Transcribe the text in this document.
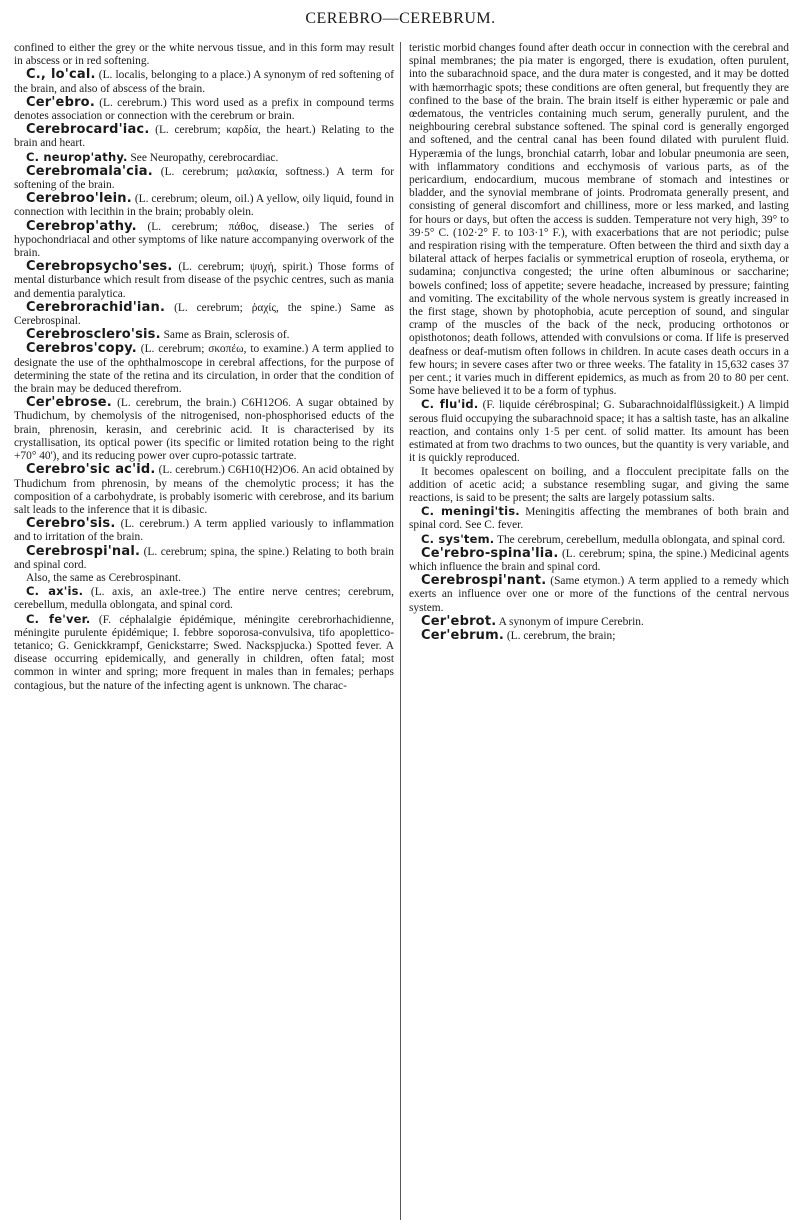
CEREBRO—CEREBRUM.

confined to either the grey or the white nervous tissue, and in this form may result in abscess or in red softening.

C., lo'cal. (L. localis, belonging to a place.) A synonym of red softening of the brain, and also of abscess of the brain.

Cer'ebro. (L. cerebrum.) This word used as a prefix in compound terms denotes association or connection with the cerebrum or brain.

Cerebrocard'iac. (L. cerebrum; καρδία, the heart.) Relating to the brain and heart.

C. neurop'athy. See Neuropathy, cerebrocardiac.

Cerebromala'cia. (L. cerebrum; μαλακία, softness.) A term for softening of the brain.

Cerebroo'lein. (L. cerebrum; oleum, oil.) A yellow, oily liquid, found in connection with lecithin in the brain; probably olein.

Cerebrop'athy. (L. cerebrum; πάθος, disease.) The series of hypochondriacal and other symptoms of like nature accompanying overwork of the brain.

Cerebropsycho'ses. (L. cerebrum; ψυχή, spirit.) Those forms of mental disturbance which result from disease of the psychic centres, such as mania and dementia paralytica.

Cerebrorachid'ian. (L. cerebrum; ῥαχίς, the spine.) Same as Cerebrospinal.

Cerebrosclero'sis. Same as Brain, sclerosis of.

Cerebros'copy. (L. cerebrum; σκοπέω, to examine.) A term applied to designate the use of the ophthalmoscope in cerebral affections, for the purpose of determining the state of the retina and its circulation, in order that the condition of the brain may be deduced therefrom.

Cer'ebrose. (L. cerebrum, the brain.) C6H12O6. A sugar obtained by Thudichum, by chemolysis of the nitrogenised, non-phosphorised educts of the brain, phrenosin, kerasin, and cerebrinic acid. It is characterised by its crystallisation, its optical power (its specific or limited rotation being to the right +70° 40'), and its reducing power over cupro-potassic tartrate.

Cerebro'sic ac'id. (L. cerebrum.) C6H10(H2)O6. An acid obtained by Thudichum from phrenosin, by means of the chemolytic process; it has the composition of a carbohydrate, is probably isomeric with cerebrose, and its barium salt leads to the inference that it is dibasic.

Cerebro'sis. (L. cerebrum.) A term applied variously to inflammation and to irritation of the brain.

Cerebrospi'nal. (L. cerebrum; spina, the spine.) Relating to both brain and spinal cord.

Also, the same as Cerebrospinant.

C. ax'is. (L. axis, an axle-tree.) The entire nerve centres; cerebrum, cerebellum, medulla oblongata, and spinal cord.

C. fe'ver. (F. céphalalgie épidémique, méningite cerebrorhachidienne, méningite purulente épidémique; I. febbre soporosa-convulsiva, tifo apoplettico-tetanico; G. Genickkrampf, Genickstarre; Swed. Nackspjucka.) Spotted fever. A disease occurring epidemically, and generally in children, often fatal; most common in winter and spring; more frequent in males than in females; perhaps contagious, but the nature of the infecting agent is unknown. The charac-

teristic morbid changes found after death occur in connection with the cerebral and spinal membranes; the pia mater is engorged, there is exudation, often purulent, into the subarachnoid space, and the dura mater is congested, and it may be dotted with hæmorrhagic spots; these conditions are often general, but frequently they are confined to the base of the brain. The brain itself is either hyperæmic or pale and œdematous, the ventricles containing much serum, generally purulent, and the neighbouring cerebral substance softened. The spinal cord is generally engorged and softened, and the central canal has been found dilated with purulent fluid. Hyperæmia of the lungs, bronchial catarrh, lobar and lobular pneumonia are seen, with inflammatory conditions and ecchymosis of various parts, as of the pericardium, endocardium, mucous membrane of stomach and intestines or bladder, and the synovial membrane of joints. Prodromata generally present, and consisting of general discomfort and chilliness, more or less marked, and lasting for hours or days, but often the access is sudden. Temperature not very high, 39° to 39·5° C. (102·2° F. to 103·1° F.), with exacerbations that are not periodic; pulse and respiration rising with the temperature. Often between the third and sixth day a bilateral attack of herpes facialis or symmetrical eruption of roseola, erythema, or sudamina; conjunctiva congested; the urine often albuminous or saccharine; bowels confined; loss of appetite; severe headache, increased by pressure; fainting and vomiting. The excitability of the whole nervous system is greatly increased in the first stage, shown by photophobia, acute perception of sound, and singular cramp of the muscles of the back of the neck, producing orthotonos or opisthotonos; death follows, attended with convulsions or coma. If life is preserved deafness or deaf-mutism often follows in children. In acute cases death occurs in a few hours; in severe cases after two or three weeks. The fatality in 15,632 cases 37 per cent.; it varies much in different epidemics, as much as from 20 to 80 per cent. Some have believed it to be a form of typhus.

C. flu'id. (F. liquide cérébrospinal; G. Subarachnoidalflüssigkeit.) A limpid serous fluid occupying the subarachnoid space; it has a saltish taste, has an alkaline reaction, and contains only 1·5 per cent. of solid matter. Its amount has been estimated at from two drachms to two ounces, but the quantity is very variable, and it is quickly reproduced.

It becomes opalescent on boiling, and a flocculent precipitate falls on the addition of acetic acid; a substance resembling sugar, and giving the same reactions, is said to be present; the salts are largely potassium salts.

C. meningi'tis. Meningitis affecting the membranes of both brain and spinal cord. See C. fever.

C. sys'tem. The cerebrum, cerebellum, medulla oblongata, and spinal cord.

Ce'rebro-spina'lia. (L. cerebrum; spina, the spine.) Medicinal agents which influence the brain and spinal cord.

Cerebrospi'nant. (Same etymon.) A term applied to a remedy which exerts an influence over one or more of the functions of the central nervous system.

Cer'ebrot. A synonym of impure Cerebrin.

Cer'ebrum. (L. cerebrum, the brain;
